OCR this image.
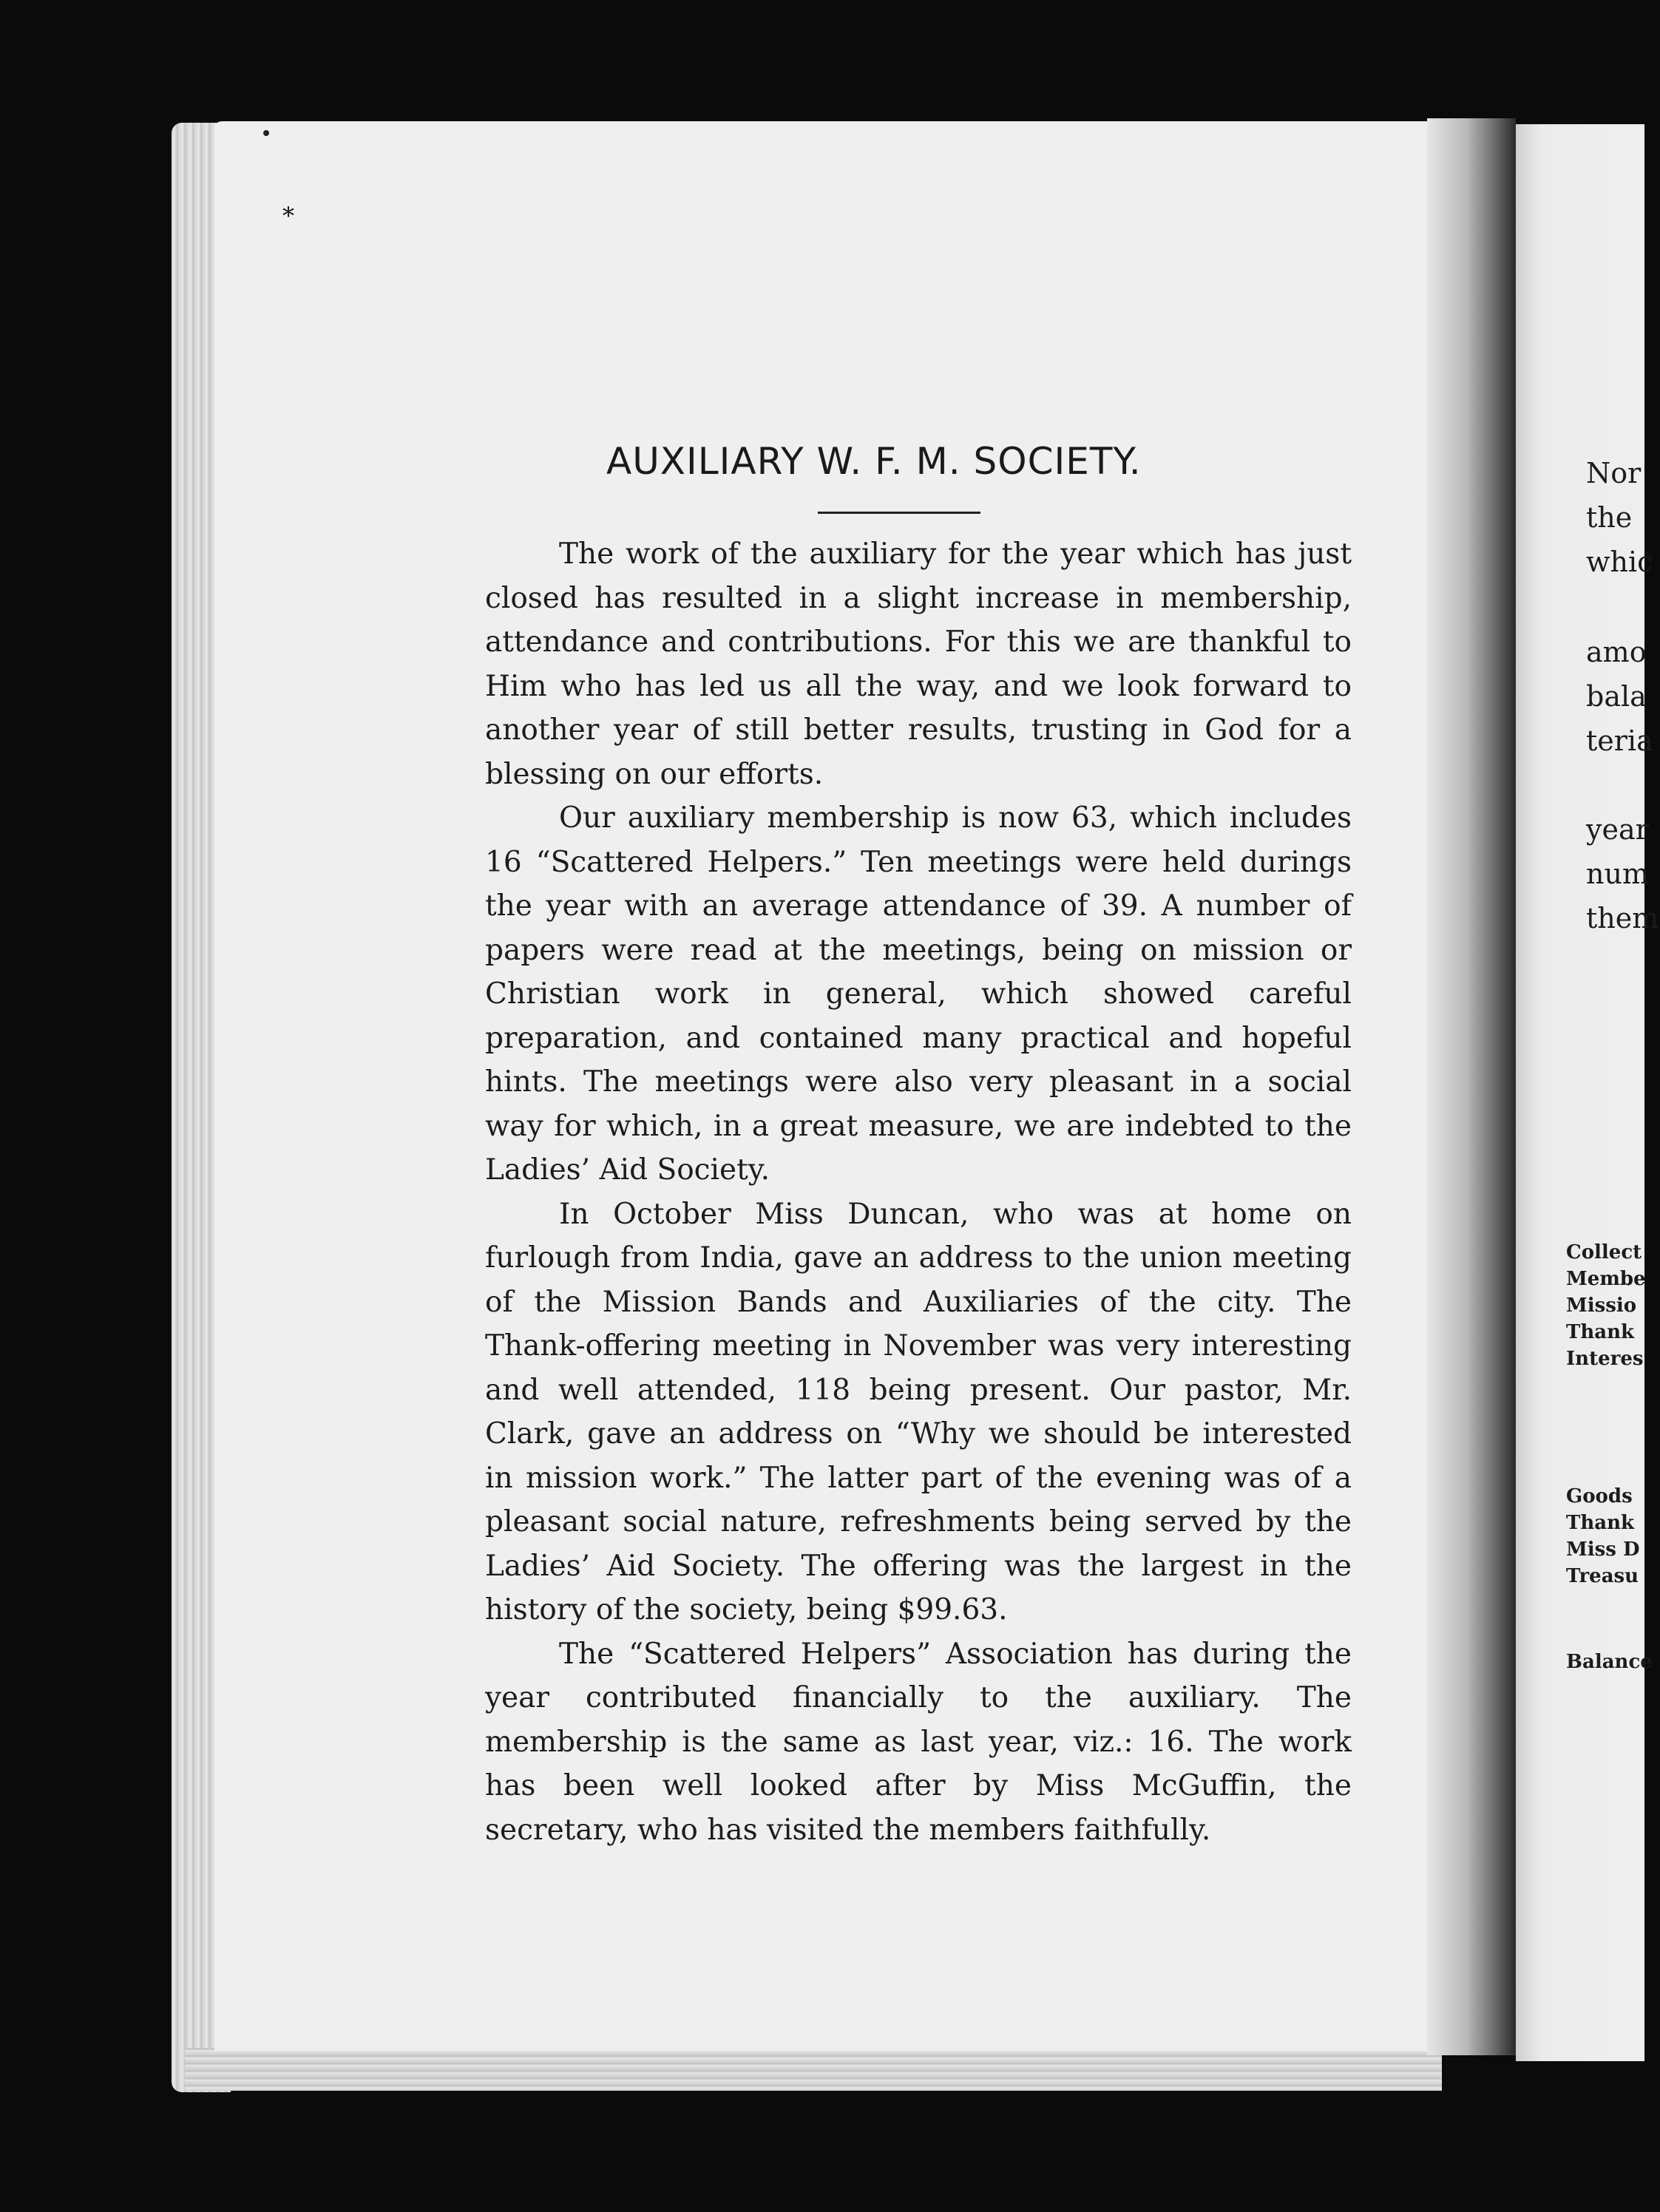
*
AUXILIARY W. F. M. SOCIETY.

The work of the auxiliary for the year which has just closed has resulted in a slight increase in membership, attendance and contributions. For this we are thankful to Him who has led us all the way, and we look forward to another year of still better results, trusting in God for a blessing on our efforts.

Our auxiliary membership is now 63, which includes 16 “Scattered Helpers.” Ten meetings were held durings the year with an average attendance of 39. A number of papers were read at the meetings, being on mission or Christian work in general, which showed careful preparation, and contained many practical and hopeful hints. The meetings were also very pleasant in a social way for which, in a great measure, we are indebted to the Ladies’ Aid Society.

In October Miss Duncan, who was at home on furlough from India, gave an address to the union meeting of the Mission Bands and Auxiliaries of the city. The Thank-offering meeting in November was very interesting and well attended, 118 being present. Our pastor, Mr. Clark, gave an address on “Why we should be interested in mission work.” The latter part of the evening was of a pleasant social nature, refreshments being served by the Ladies’ Aid Society. The offering was the largest in the history of the society, being $99.63.

The “Scattered Helpers” Association has during the year contributed financially to the auxiliary. The membership is the same as last year, viz.: 16. The work has been well looked after by Miss McGuffin, the secretary, who has visited the members faithfully.

Nor
the
whic
amo
bala
teria
year
num
them
Collect
Membe
Missio
Thank
Interes
Goods
Thank
Miss D
Treasu
Balance
